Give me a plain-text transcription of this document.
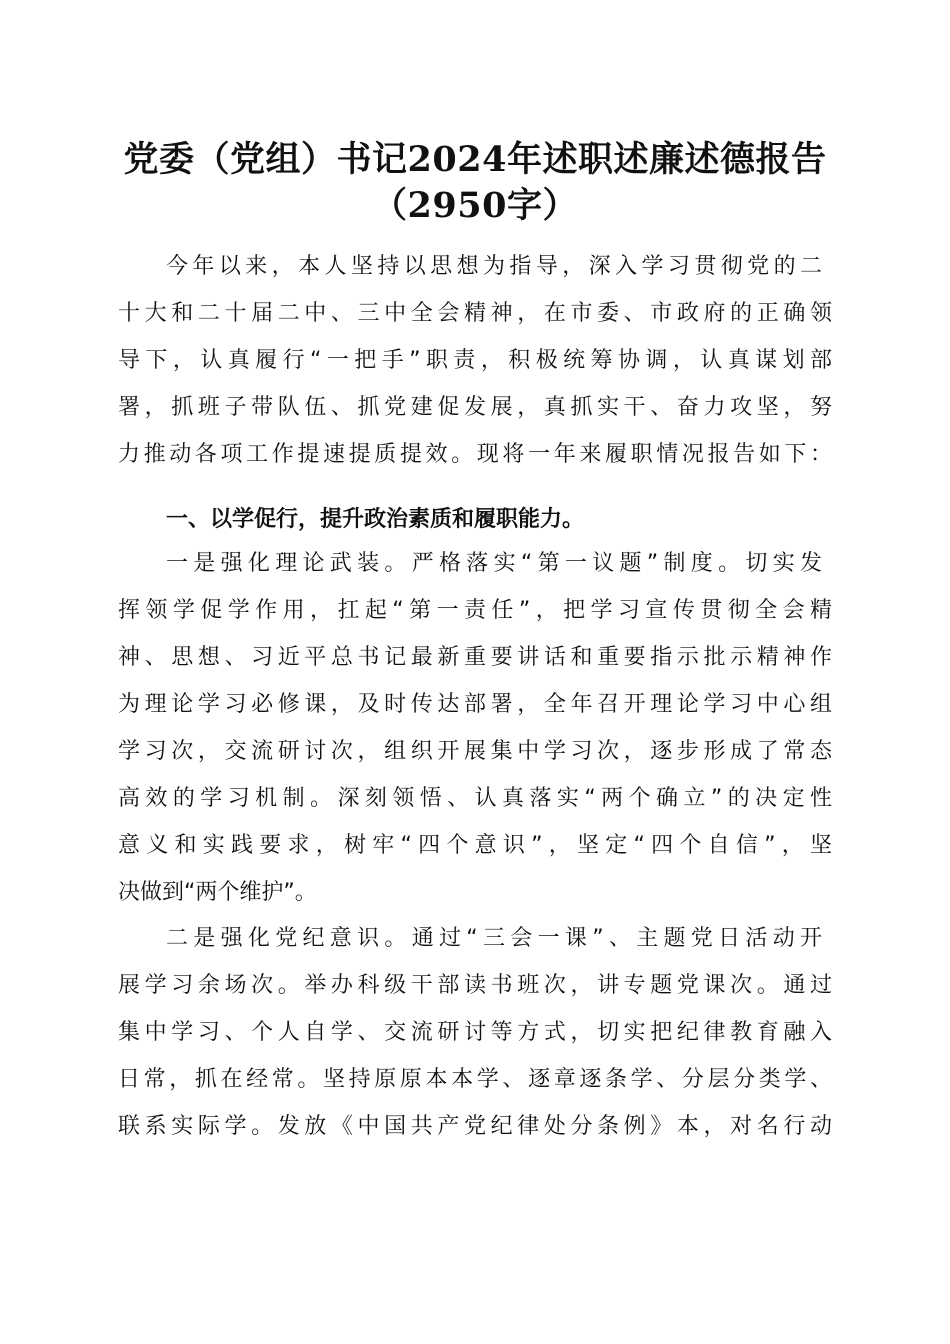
党委（党组）书记2024年述职述廉述德报告
（2950字）
今年以来，本人坚持以思想为指导，深入学习贯彻党的二
十大和二十届二中、三中全会精神，在市委、市政府的正确领
导下，认真履行“一把手”职责，积极统筹协调，认真谋划部
署，抓班子带队伍、抓党建促发展，真抓实干、奋力攻坚，努
力推动各项工作提速提质提效。现将一年来履职情况报告如下：
一、以学促行，提升政治素质和履职能力。
一是强化理论武装。严格落实“第一议题”制度。切实发
挥领学促学作用，扛起“第一责任”，把学习宣传贯彻全会精
神、思想、习近平总书记最新重要讲话和重要指示批示精神作
为理论学习必修课，及时传达部署，全年召开理论学习中心组
学习次，交流研讨次，组织开展集中学习次，逐步形成了常态
高效的学习机制。深刻领悟、认真落实“两个确立”的决定性
意义和实践要求，树牢“四个意识”，坚定“四个自信”，坚
决做到“两个维护”。
二是强化党纪意识。通过“三会一课”、主题党日活动开
展学习余场次。举办科级干部读书班次，讲专题党课次。通过
集中学习、个人自学、交流研讨等方式，切实把纪律教育融入
日常，抓在经常。坚持原原本本学、逐章逐条学、分层分类学、
联系实际学。发放《中国共产党纪律处分条例》本，对名行动
